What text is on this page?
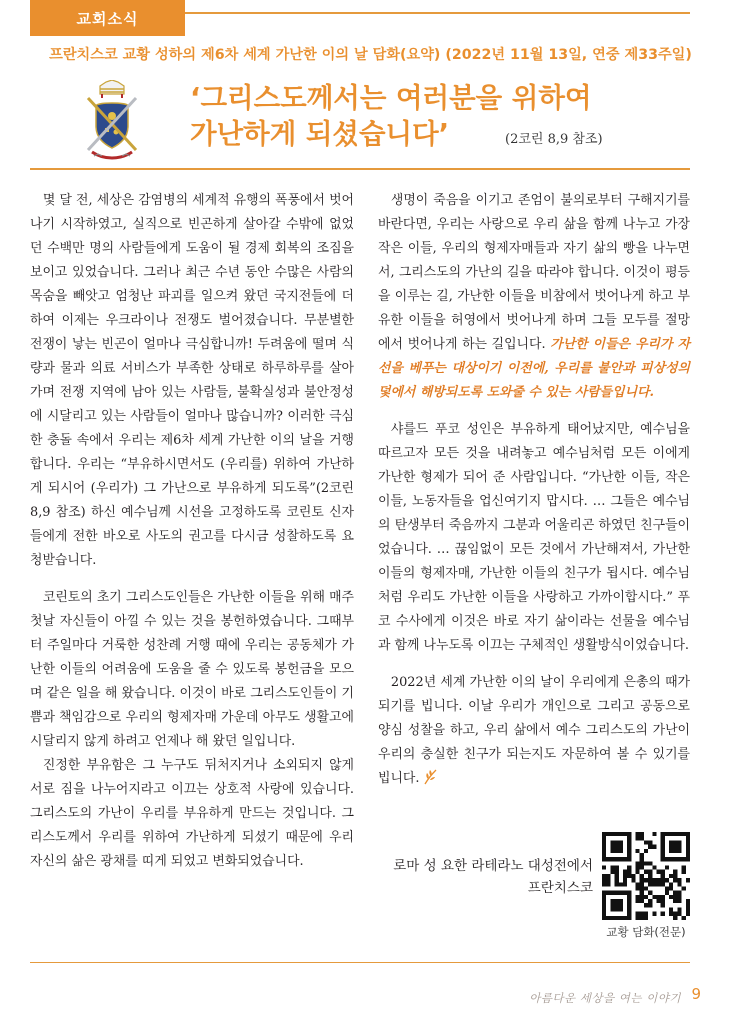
교회소식
프란치스코 교황 성하의 제6차 세계 가난한 이의 날 담화(요약) (2022년 11월 13일, 연중 제33주일)
‘그리스도께서는 여러분을 위하여
가난하게 되셨습니다’	(2코린 8,9 참조)

몇 달 전, 세상은 감염병의 세계적 유행의 폭풍에서 벗어나기 시작하였고, 실직으로 빈곤하게 살아갈 수밖에 없었던 수백만 명의 사람들에게 도움이 될 경제 회복의 조짐을 보이고 있었습니다. 그러나 최근 수년 동안 수많은 사람의 목숨을 빼앗고 엄청난 파괴를 일으켜 왔던 국지전들에 더하여 이제는 우크라이나 전쟁도 벌어졌습니다. 무분별한 전쟁이 낳는 빈곤이 얼마나 극심합니까! 두려움에 떨며 식량과 물과 의료 서비스가 부족한 상태로 하루하루를 살아가며 전쟁 지역에 남아 있는 사람들, 불확실성과 불안정성에 시달리고 있는 사람들이 얼마나 많습니까? 이러한 극심한 충돌 속에서 우리는 제6차 세계 가난한 이의 날을 거행합니다. 우리는 “부유하시면서도 (우리를) 위하여 가난하게 되시어 (우리가) 그 가난으로 부유하게 되도록”(2코린 8,9 참조) 하신 예수님께 시선을 고정하도록 코린토 신자들에게 전한 바오로 사도의 권고를 다시금 성찰하도록 요청받습니다.

코린토의 초기 그리스도인들은 가난한 이들을 위해 매주 첫날 자신들이 아낄 수 있는 것을 봉헌하였습니다. 그때부터 주일마다 거룩한 성찬례 거행 때에 우리는 공동체가 가난한 이들의 어려움에 도움을 줄 수 있도록 봉헌금을 모으며 같은 일을 해 왔습니다. 이것이 바로 그리스도인들이 기쁨과 책임감으로 우리의 형제자매 가운데 아무도 생활고에 시달리지 않게 하려고 언제나 해 왔던 일입니다.

진정한 부유함은 그 누구도 뒤처지거나 소외되지 않게 서로 짐을 나누어지라고 이끄는 상호적 사랑에 있습니다. 그리스도의 가난이 우리를 부유하게 만드는 것입니다. 그리스도께서 우리를 위하여 가난하게 되셨기 때문에 우리 자신의 삶은 광채를 띠게 되었고 변화되었습니다.

생명이 죽음을 이기고 존엄이 불의로부터 구해지기를 바란다면, 우리는 사랑으로 우리 삶을 함께 나누고 가장 작은 이들, 우리의 형제자매들과 자기 삶의 빵을 나누면서, 그리스도의 가난의 길을 따라야 합니다. 이것이 평등을 이루는 길, 가난한 이들을 비참에서 벗어나게 하고 부유한 이들을 허영에서 벗어나게 하며 그들 모두를 절망에서 벗어나게 하는 길입니다. 가난한 이들은 우리가 자선을 베푸는 대상이기 이전에, 우리를 불안과 피상성의 덫에서 해방되도록 도와줄 수 있는 사람들입니다.

샤를드 푸코 성인은 부유하게 태어났지만, 예수님을 따르고자 모든 것을 내려놓고 예수님처럼 모든 이에게 가난한 형제가 되어 준 사람입니다. “가난한 이들, 작은 이들, 노동자들을 업신여기지 맙시다. … 그들은 예수님의 탄생부터 죽음까지 그분과 어울리곤 하였던 친구들이었습니다. … 끊임없이 모든 것에서 가난해져서, 가난한 이들의 형제자매, 가난한 이들의 친구가 됩시다. 예수님처럼 우리도 가난한 이들을 사랑하고 가까이합시다.” 푸코 수사에게 이것은 바로 자기 삶이라는 선물을 예수님과 함께 나누도록 이끄는 구체적인 생활방식이었습니다.

2022년 세계 가난한 이의 날이 우리에게 은총의 때가 되기를 빕니다. 이날 우리가 개인으로 그리고 공동으로 양심 성찰을 하고, 우리 삶에서 예수 그리스도의 가난이 우리의 충실한 친구가 되는지도 자문하여 볼 수 있기를 빕니다.

로마 성 요한 라테라노 대성전에서
프란치스코
교황 담화(전문)
아름다운 세상을 여는 이야기 9
